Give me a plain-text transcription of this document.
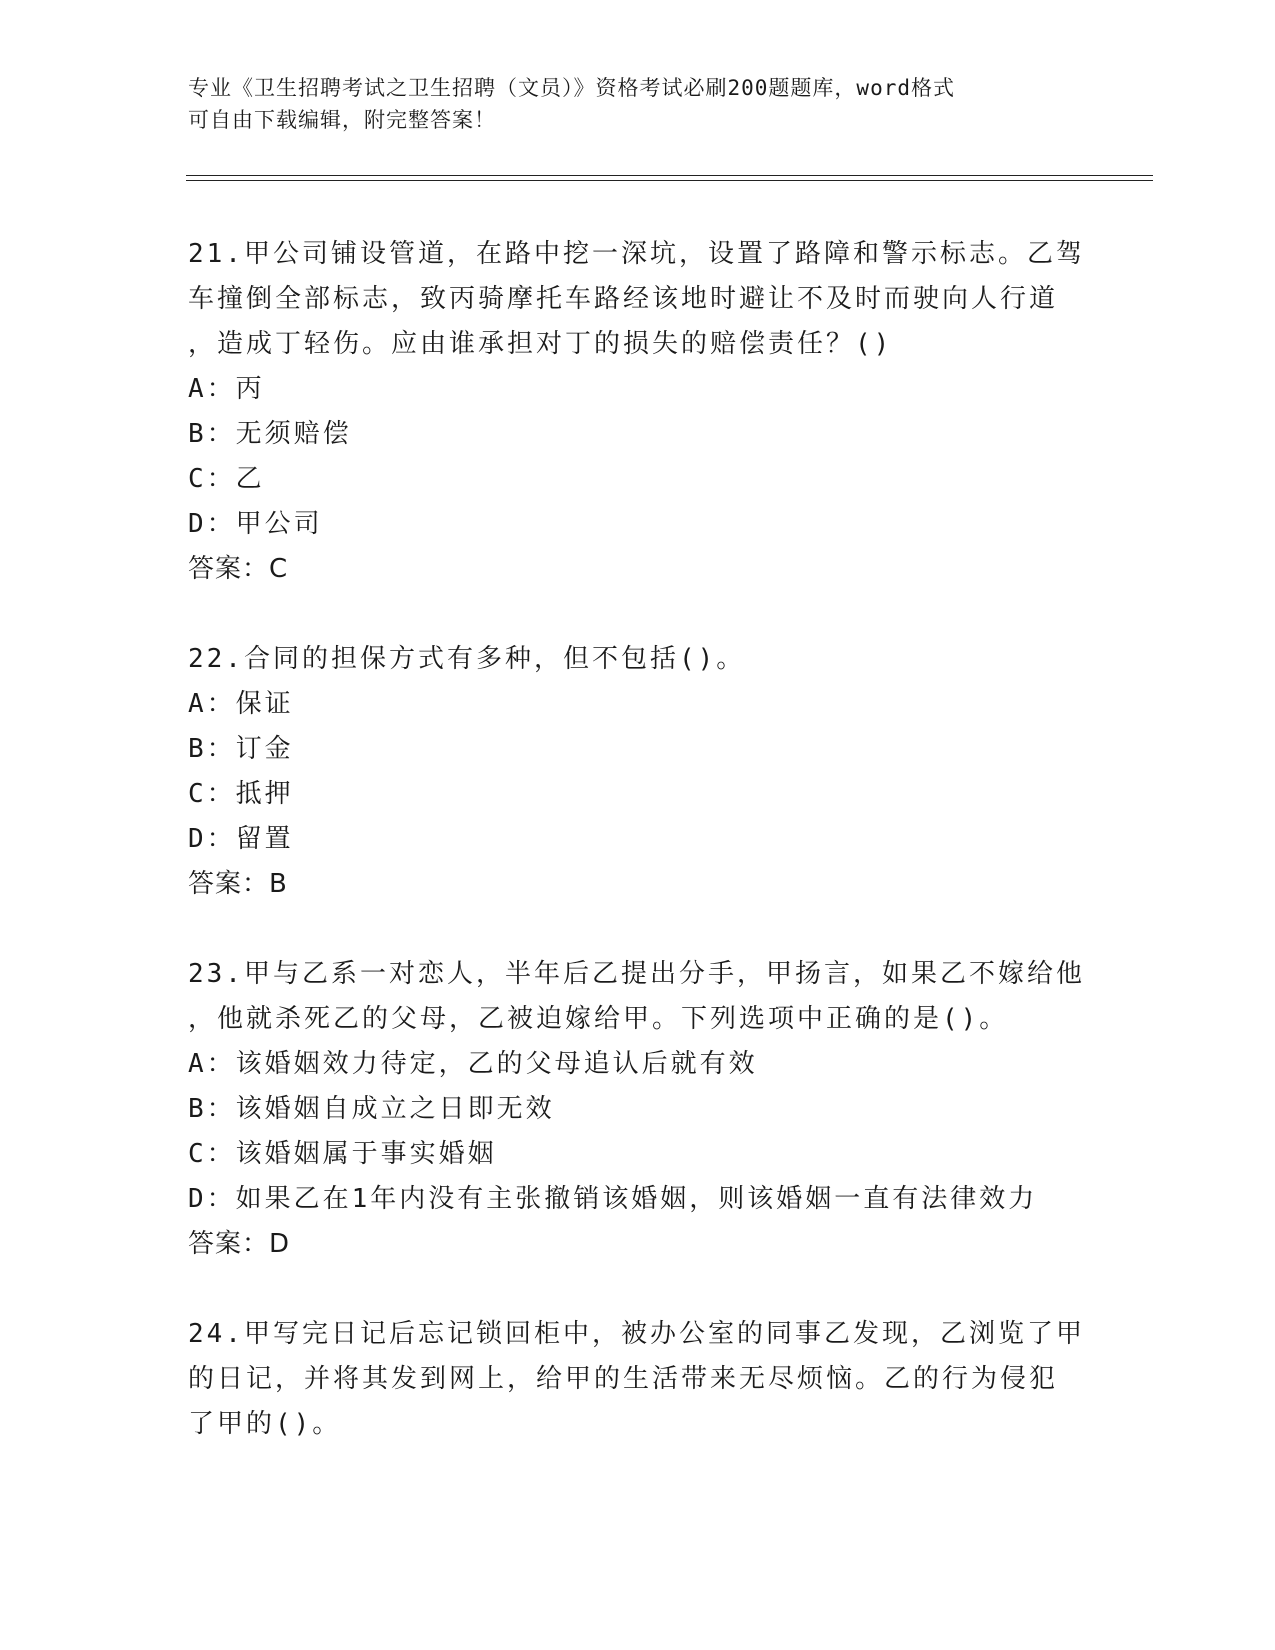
专业《卫生招聘考试之卫生招聘（文员）》资格考试必刷200题题库，word格式
可自由下载编辑，附完整答案！
21.甲公司铺设管道，在路中挖一深坑，设置了路障和警示标志。乙驾
车撞倒全部标志，致丙骑摩托车路经该地时避让不及时而驶向人行道
，造成丁轻伤。应由谁承担对丁的损失的赔偿责任？()
A：丙
B：无须赔偿
C：乙
D：甲公司
答案：C
22.合同的担保方式有多种，但不包括()。
A：保证
B：订金
C：抵押
D：留置
答案：B
23.甲与乙系一对恋人，半年后乙提出分手，甲扬言，如果乙不嫁给他
，他就杀死乙的父母，乙被迫嫁给甲。下列选项中正确的是()。
A：该婚姻效力待定，乙的父母追认后就有效
B：该婚姻自成立之日即无效
C：该婚姻属于事实婚姻
D：如果乙在1年内没有主张撤销该婚姻，则该婚姻一直有法律效力
答案：D
24.甲写完日记后忘记锁回柜中，被办公室的同事乙发现，乙浏览了甲
的日记，并将其发到网上，给甲的生活带来无尽烦恼。乙的行为侵犯
了甲的()。
